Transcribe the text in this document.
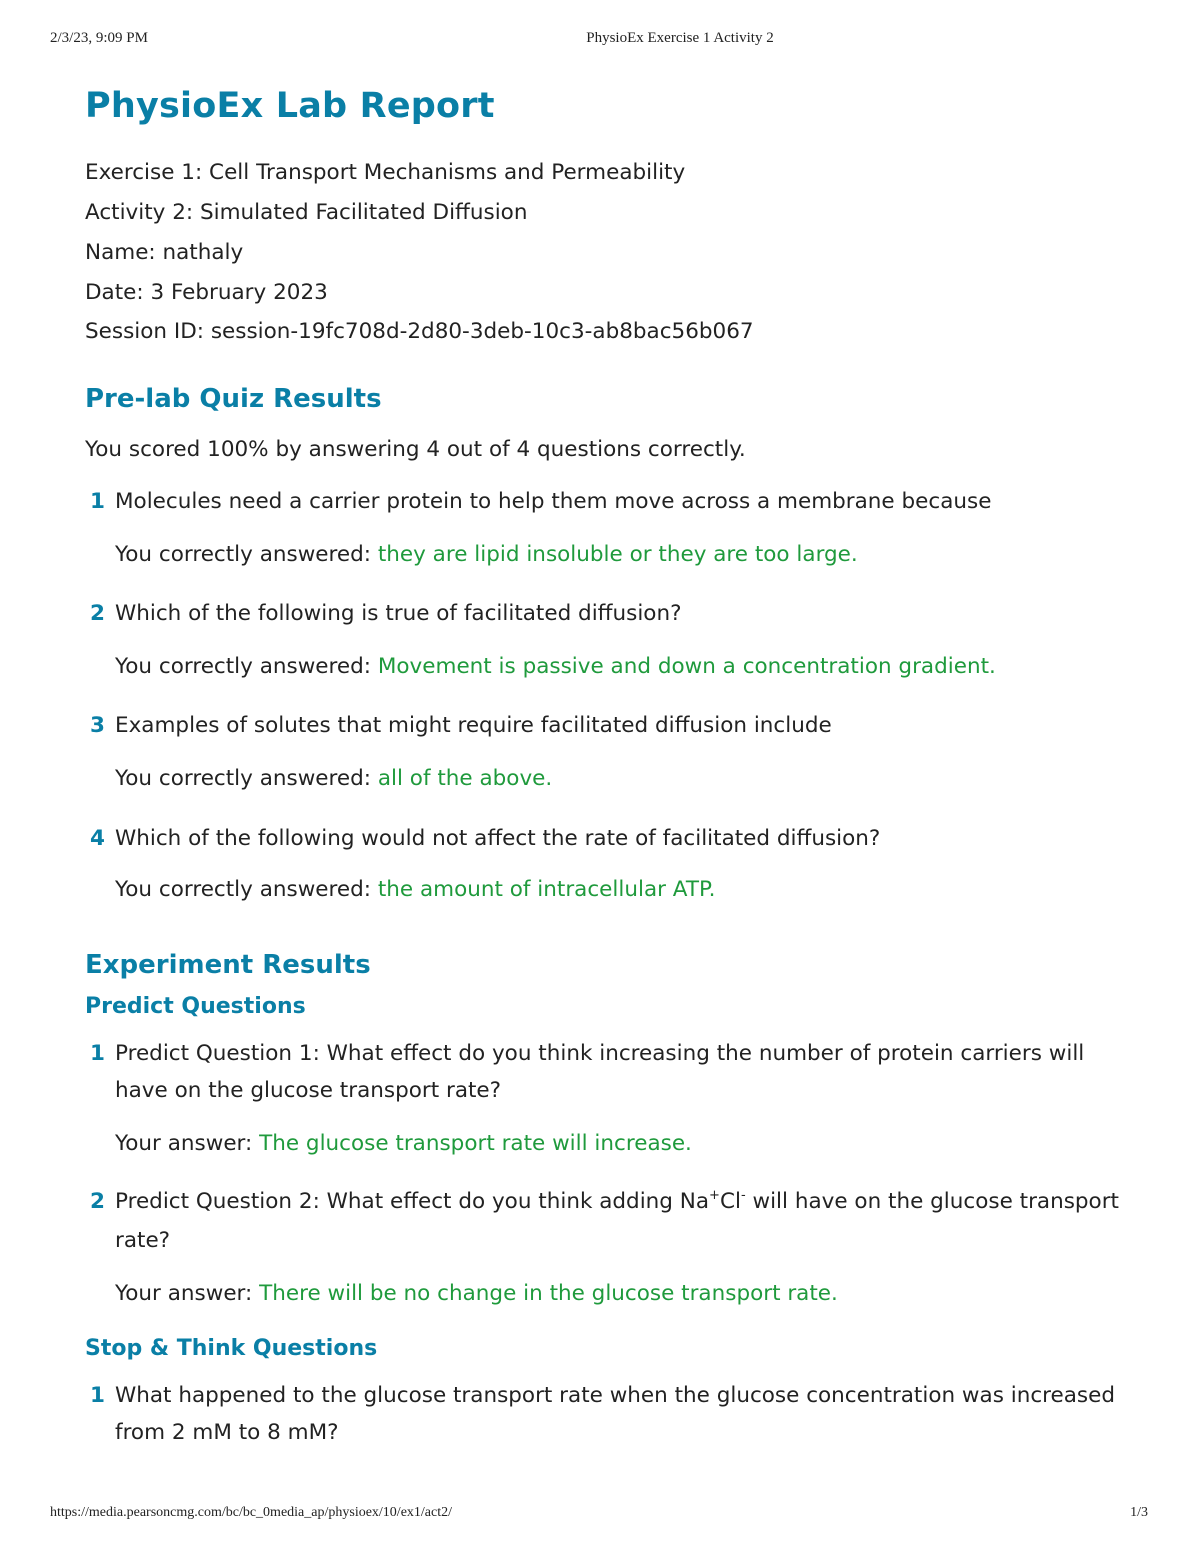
2/3/23, 9:09 PM	PhysioEx Exercise 1 Activity 2
PhysioEx Lab Report
Exercise 1: Cell Transport Mechanisms and Permeability
Activity 2: Simulated Facilitated Diffusion
Name: nathaly
Date: 3 February 2023
Session ID: session-19fc708d-2d80-3deb-10c3-ab8bac56b067
Pre-lab Quiz Results
You scored 100% by answering 4 out of 4 questions correctly.
1 Molecules need a carrier protein to help them move across a membrane because
You correctly answered: they are lipid insoluble or they are too large.
2 Which of the following is true of facilitated diffusion?
You correctly answered: Movement is passive and down a concentration gradient.
3 Examples of solutes that might require facilitated diffusion include
You correctly answered: all of the above.
4 Which of the following would not affect the rate of facilitated diffusion?
You correctly answered: the amount of intracellular ATP.
Experiment Results
Predict Questions
1 Predict Question 1: What effect do you think increasing the number of protein carriers will
have on the glucose transport rate?
Your answer: The glucose transport rate will increase.
2 Predict Question 2: What effect do you think adding Na+Cl- will have on the glucose transport
rate?
Your answer: There will be no change in the glucose transport rate.
Stop & Think Questions
1 What happened to the glucose transport rate when the glucose concentration was increased
from 2 mM to 8 mM?
https://media.pearsoncmg.com/bc/bc_0media_ap/physioex/10/ex1/act2/	1/3
